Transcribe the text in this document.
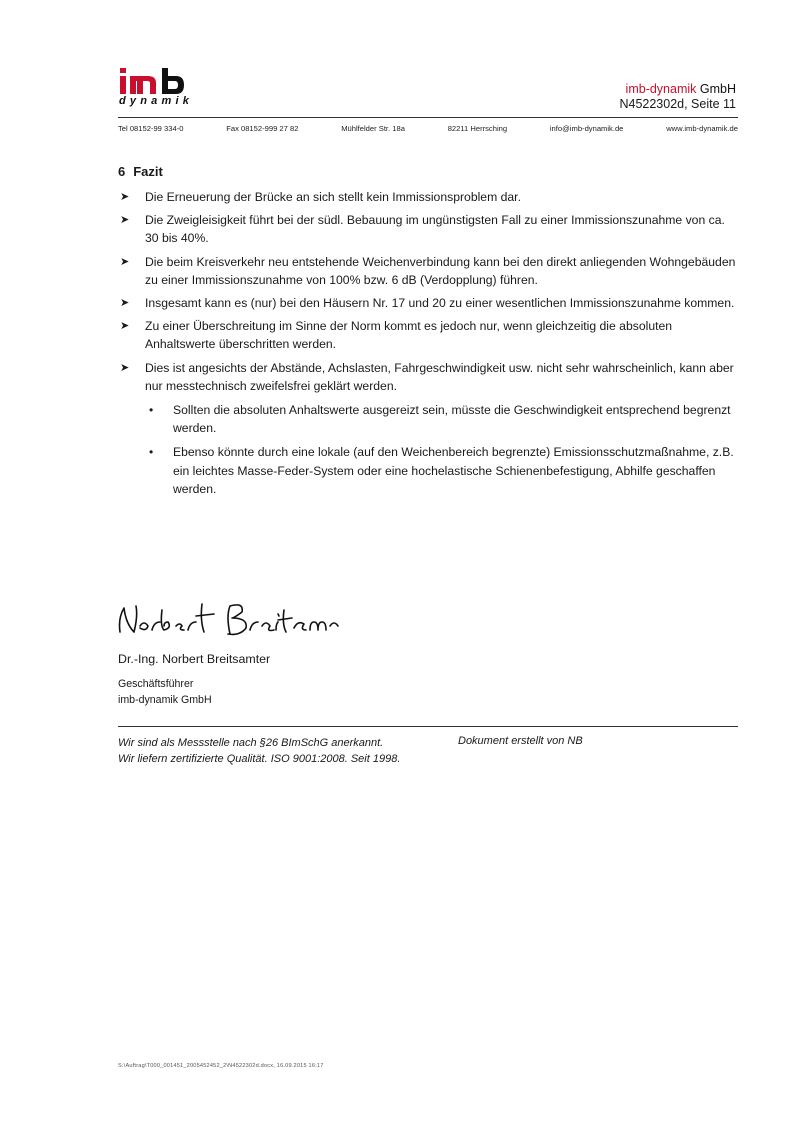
dynamik
imb-dynamik GmbH
N4522302d, Seite 11
Tel 08152-99 334-0	Fax 08152-999 27 82	Mühlfelder Str. 18a	82211 Herrsching	info@imb-dynamik.de	www.imb-dynamik.de
6 Fazit
➤ Die Erneuerung der Brücke an sich stellt kein Immissionsproblem dar.
➤ Die Zweigleisigkeit führt bei der südl. Bebauung im ungünstigsten Fall zu einer Immissionszunahme von ca. 30 bis 40%.
➤ Die beim Kreisverkehr neu entstehende Weichenverbindung kann bei den direkt anliegenden Wohngebäuden zu einer Immissionszunahme von 100% bzw. 6 dB (Verdopplung) führen.
➤ Insgesamt kann es (nur) bei den Häusern Nr. 17 und 20 zu einer wesentlichen Immissionszunahme kommen.
➤ Zu einer Überschreitung im Sinne der Norm kommt es jedoch nur, wenn gleichzeitig die absoluten Anhaltswerte überschritten werden.
➤ Dies ist angesichts der Abstände, Achslasten, Fahrgeschwindigkeit usw. nicht sehr wahrscheinlich, kann aber nur messtechnisch zweifelsfrei geklärt werden.
• Sollten die absoluten Anhaltswerte ausgereizt sein, müsste die Geschwindigkeit entsprechend begrenzt werden.
• Ebenso könnte durch eine lokale (auf den Weichenbereich begrenzte) Emissionsschutzmaßnahme, z.B. ein leichtes Masse-Feder-System oder eine hochelastische Schienenbefestigung, Abhilfe geschaffen werden.
Dr.-Ing. Norbert Breitsamter
Geschäftsführer
imb-dynamik GmbH
Wir sind als Messstelle nach §26 BImSchG anerkannt.
Wir liefern zertifizierte Qualität. ISO 9001:2008. Seit 1998.
Dokument erstellt von NB
S:\Auftrag\T000_001451_2005452452_2\N4522302d.docx, 16.09.2015 16:17
